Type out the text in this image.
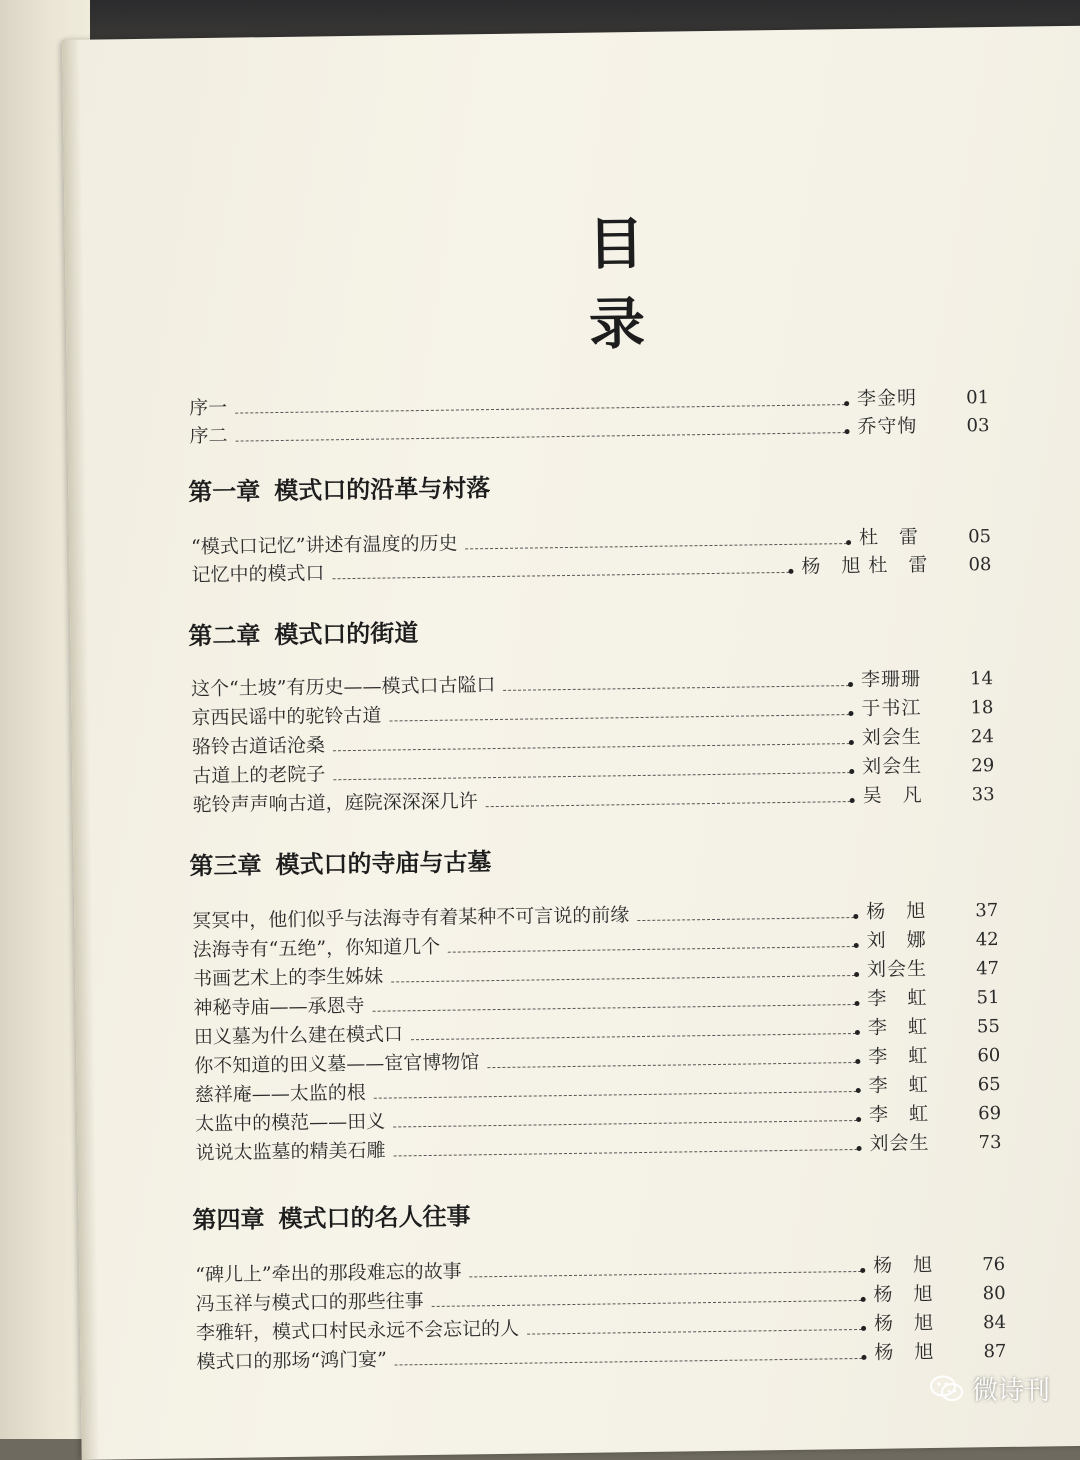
目　录
序一	李金明	01
序二	乔守恂	03
第一章 模式口的沿革与村落
“模式口记忆”讲述有温度的历史	杜　雷	05
记忆中的模式口	杨　旭 杜　雷	08
第二章 模式口的街道
这个“土坡”有历史——模式口古隘口	李珊珊	14
京西民谣中的驼铃古道	于书江	18
骆铃古道话沧桑	刘会生	24
古道上的老院子	刘会生	29
驼铃声声响古道，庭院深深深几许	吴　凡	33
第三章 模式口的寺庙与古墓
冥冥中，他们似乎与法海寺有着某种不可言说的前缘	杨　旭	37
法海寺有“五绝”，你知道几个	刘　娜	42
书画艺术上的李生姊妹	刘会生	47
神秘寺庙——承恩寺	李　虹	51
田义墓为什么建在模式口	李　虹	55
你不知道的田义墓——宦官博物馆	李　虹	60
慈祥庵——太监的根	李　虹	65
太监中的模范——田义	李　虹	69
说说太监墓的精美石雕	刘会生	73
第四章 模式口的名人往事
“碑儿上”牵出的那段难忘的故事	杨　旭	76
冯玉祥与模式口的那些往事	杨　旭	80
李雅轩，模式口村民永远不会忘记的人	杨　旭	84
模式口的那场“鸿门宴”	杨　旭	87
微诗刊
